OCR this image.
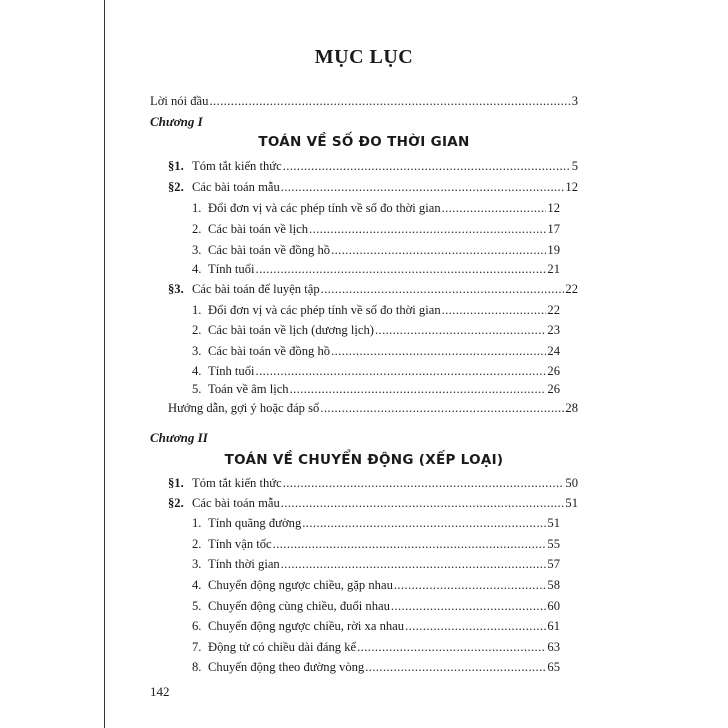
MỤC LỤC
Lời nói đầu .....	3
Chương I
TOÁN VỀ SỐ ĐO THỜI GIAN
§1. Tóm tắt kiến thức .....	5
§2. Các bài toán mẫu .....	12
1. Đổi đơn vị và các phép tính về số đo thời gian .....	12
2. Các bài toán về lịch .....	17
3. Các bài toán về đồng hồ .....	19
4. Tính tuổi .....	21
§3. Các bài toán để luyện tập .....	22
1. Đổi đơn vị và các phép tính về số đo thời gian .....	22
2. Các bài toán về lịch (dương lịch) .....	23
3. Các bài toán về đồng hồ .....	24
4. Tính tuổi .....	26
5. Toán về âm lịch .....	26
Hướng dẫn, gợi ý hoặc đáp số .....	28
Chương II
TOÁN VỀ CHUYỂN ĐỘNG (XẾP LOẠI)
§1. Tóm tắt kiến thức .....	50
§2. Các bài toán mẫu .....	51
1. Tính quãng đường .....	51
2. Tính vận tốc .....	55
3. Tính thời gian .....	57
4. Chuyển động ngược chiều, gặp nhau .....	58
5. Chuyển động cùng chiều, đuổi nhau .....	60
6. Chuyển động ngược chiều, rời xa nhau .....	61
7. Động tử có chiều dài đáng kể .....	63
8. Chuyển động theo đường vòng .....	65
142
